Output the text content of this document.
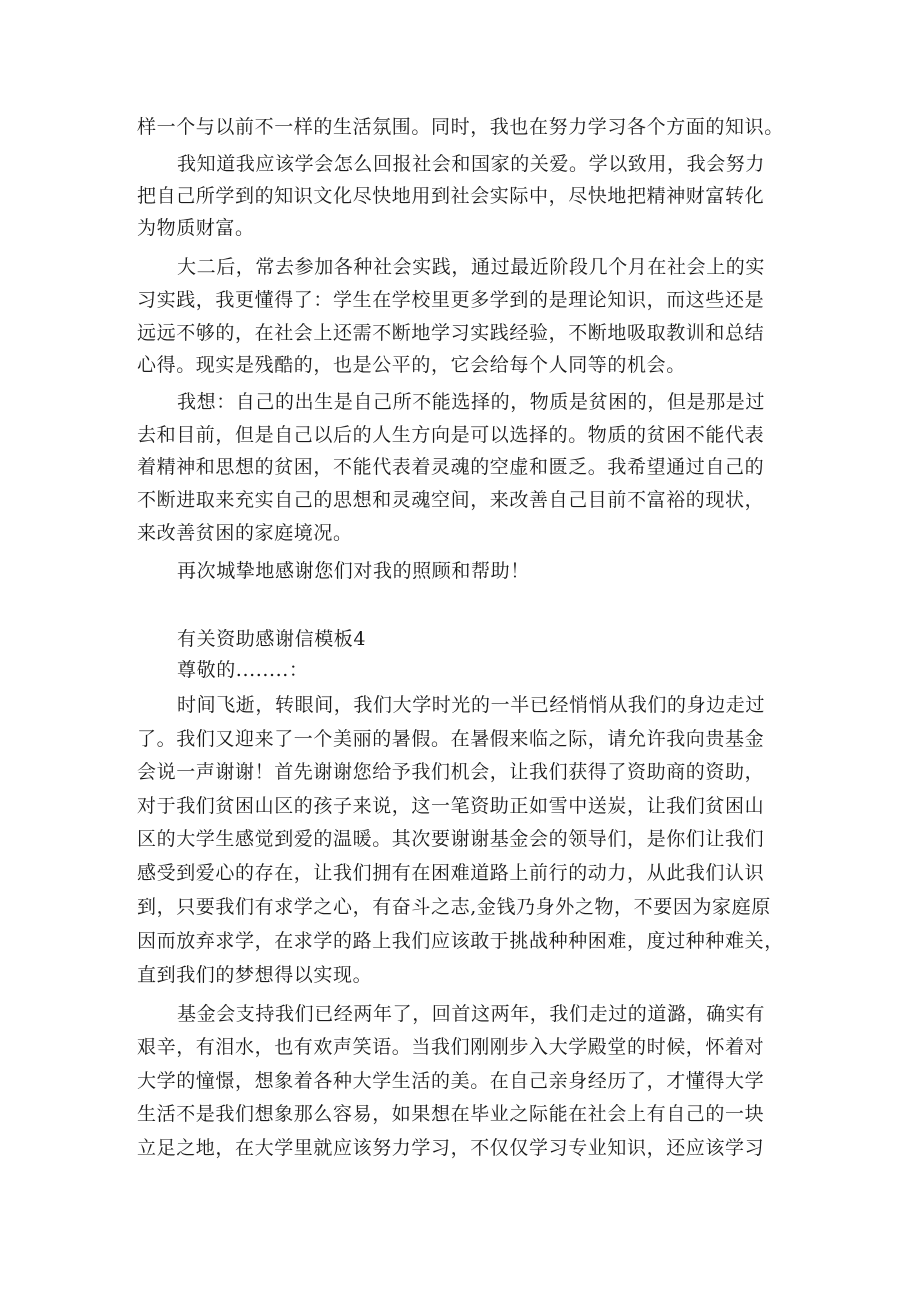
样一个与以前不一样的生活氛围。同时，我也在努力学习各个方面的知识。
我知道我应该学会怎么回报社会和国家的关爱。学以致用，我会努力
把自己所学到的知识文化尽快地用到社会实际中，尽快地把精神财富转化
为物质财富。
大二后，常去参加各种社会实践，通过最近阶段几个月在社会上的实
习实践，我更懂得了：学生在学校里更多学到的是理论知识，而这些还是
远远不够的，在社会上还需不断地学习实践经验，不断地吸取教训和总结
心得。现实是残酷的，也是公平的，它会给每个人同等的机会。
我想：自己的出生是自己所不能选择的，物质是贫困的，但是那是过
去和目前，但是自己以后的人生方向是可以选择的。物质的贫困不能代表
着精神和思想的贫困，不能代表着灵魂的空虚和匮乏。我希望通过自己的
不断进取来充实自己的思想和灵魂空间，来改善自己目前不富裕的现状，
来改善贫困的家庭境况。
再次城挚地感谢您们对我的照顾和帮助！
有关资助感谢信模板4
尊敬的........：
时间飞逝，转眼间，我们大学时光的一半已经悄悄从我们的身边走过
了。我们又迎来了一个美丽的暑假。在暑假来临之际，请允许我向贵基金
会说一声谢谢！首先谢谢您给予我们机会，让我们获得了资助商的资助，
对于我们贫困山区的孩子来说，这一笔资助正如雪中送炭，让我们贫困山
区的大学生感觉到爱的温暖。其次要谢谢基金会的领导们，是你们让我们
感受到爱心的存在，让我们拥有在困难道路上前行的动力，从此我们认识
到，只要我们有求学之心，有奋斗之志,金钱乃身外之物，不要因为家庭原
因而放弃求学，在求学的路上我们应该敢于挑战种种困难，度过种种难关，
直到我们的梦想得以实现。
基金会支持我们已经两年了，回首这两年，我们走过的道潞，确实有
艰辛，有泪水，也有欢声笑语。当我们刚刚步入大学殿堂的时候，怀着对
大学的憧憬，想象着各种大学生活的美。在自己亲身经历了，才懂得大学
生活不是我们想象那么容易，如果想在毕业之际能在社会上有自己的一块
立足之地，在大学里就应该努力学习，不仅仅学习专业知识，还应该学习
